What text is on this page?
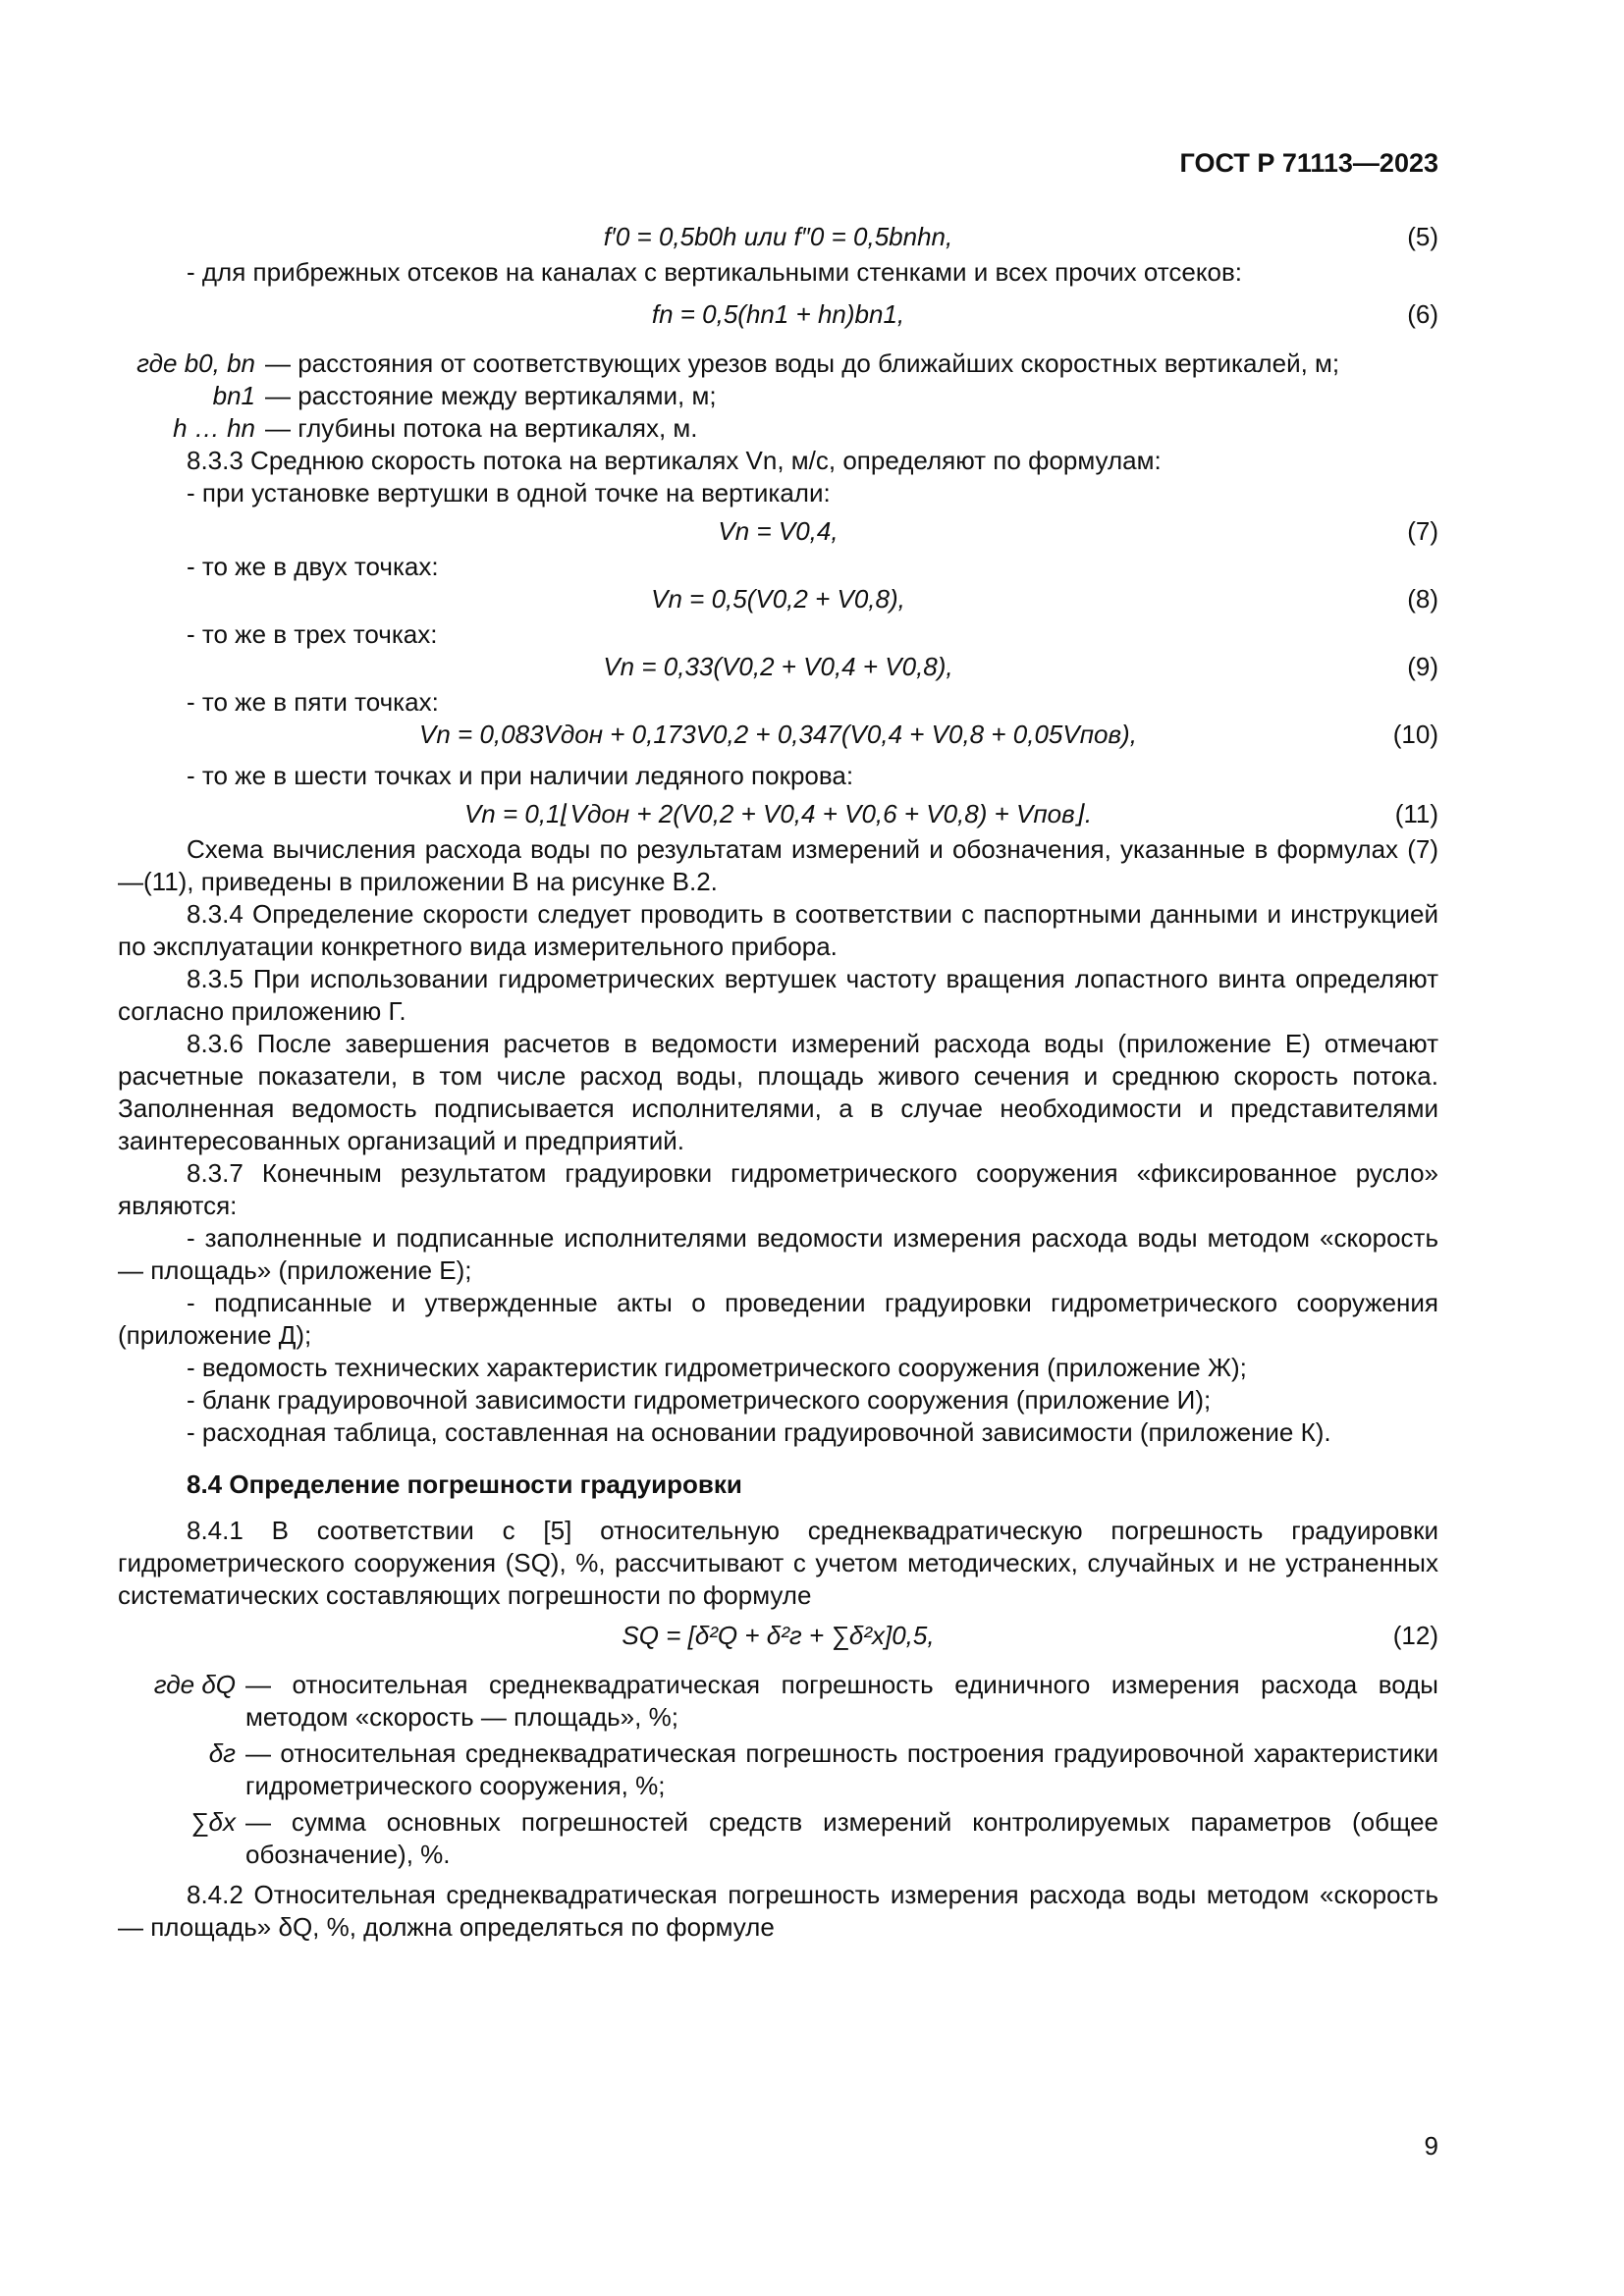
ГОСТ Р 71113—2023
f′0 = 0,5b0h или f″0 = 0,5bnhn,	(5)

- для прибрежных отсеков на каналах с вертикальными стенками и всех прочих отсеков:

fn = 0,5(hn1 + hn)bn1,	(6)
где b0, bn — расстояния от соответствующих урезов воды до ближайших скоростных вертикалей, м;
bn1 — расстояние между вертикалями, м;
h … hn — глубины потока на вертикалях, м.

8.3.3 Среднюю скорость потока на вертикалях Vn, м/с, определяют по формулам:

- при установке вертушки в одной точке на вертикали:

Vn = V0,4,	(7)

- то же в двух точках:

Vn = 0,5(V0,2 + V0,8),	(8)

- то же в трех точках:

Vn = 0,33(V0,2 + V0,4 + V0,8),	(9)

- то же в пяти точках:

Vn = 0,083Vдон + 0,173V0,2 + 0,347(V0,4 + V0,8 + 0,05Vпов),	(10)

- то же в шести точках и при наличии ледяного покрова:

Vn = 0,1⌊Vдон + 2(V0,2 + V0,4 + V0,6 + V0,8) + Vпов⌋.	(11)

Схема вычисления расхода воды по результатам измерений и обозначения, указанные в формулах (7)—(11), приведены в приложении В на рисунке В.2.

8.3.4 Определение скорости следует проводить в соответствии с паспортными данными и инструкцией по эксплуатации конкретного вида измерительного прибора.

8.3.5 При использовании гидрометрических вертушек частоту вращения лопастного винта определяют согласно приложению Г.

8.3.6 После завершения расчетов в ведомости измерений расхода воды (приложение Е) отмечают расчетные показатели, в том числе расход воды, площадь живого сечения и среднюю скорость потока. Заполненная ведомость подписывается исполнителями, а в случае необходимости и представителями заинтересованных организаций и предприятий.

8.3.7 Конечным результатом градуировки гидрометрического сооружения «фиксированное русло» являются:

- заполненные и подписанные исполнителями ведомости измерения расхода воды методом «скорость — площадь» (приложение Е);

- подписанные и утвержденные акты о проведении градуировки гидрометрического сооружения (приложение Д);

- ведомость технических характеристик гидрометрического сооружения (приложение Ж);

- бланк градуировочной зависимости гидрометрического сооружения (приложение И);

- расходная таблица, составленная на основании градуировочной зависимости (приложение К).

8.4 Определение погрешности градуировки

8.4.1 В соответствии с [5] относительную среднеквадратическую погрешность градуировки гидрометрического сооружения (SQ), %, рассчитывают с учетом методических, случайных и не устраненных систематических составляющих погрешности по формуле

SQ = [δ²Q + δ²г + ∑δ²x]0,5,	(12)
где δQ — относительная среднеквадратическая погрешность единичного измерения расхода воды методом «скорость — площадь», %;
δг — относительная среднеквадратическая погрешность построения градуировочной характеристики гидрометрического сооружения, %;
∑δx — сумма основных погрешностей средств измерений контролируемых параметров (общее обозначение), %.

8.4.2 Относительная среднеквадратическая погрешность измерения расхода воды методом «скорость — площадь» δQ, %, должна определяться по формуле

9
